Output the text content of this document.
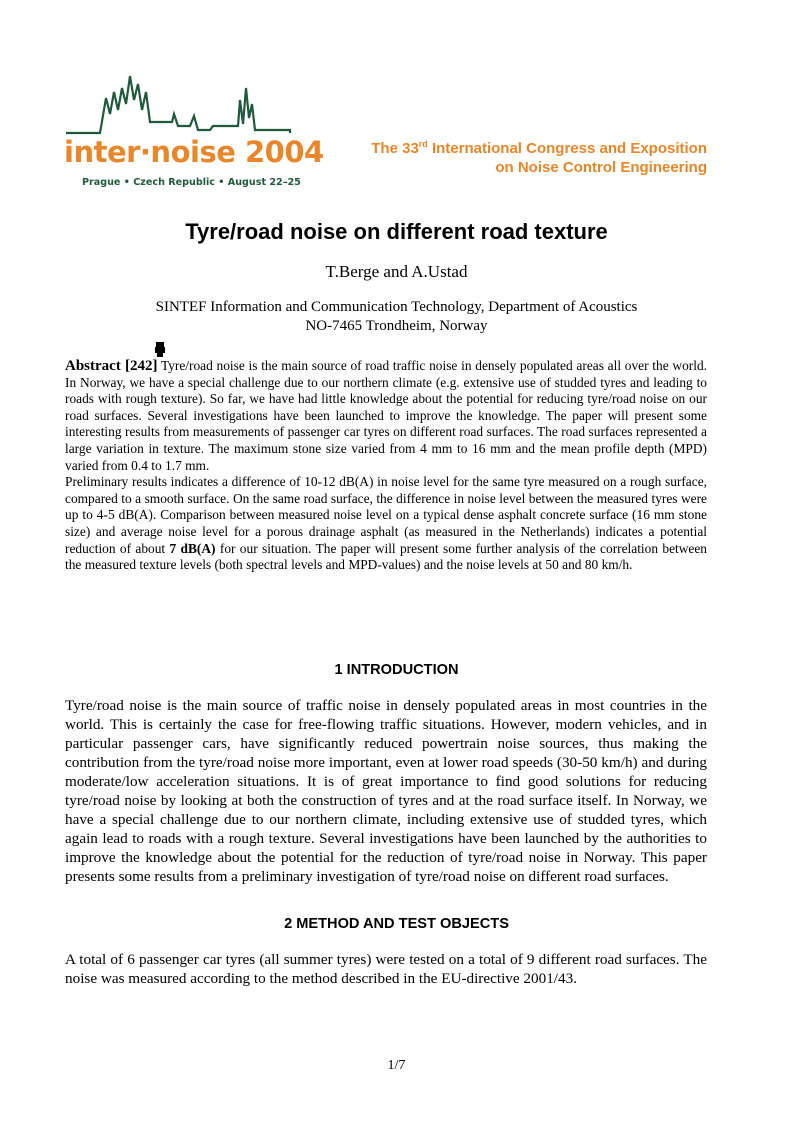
inter·noise 2004
Prague • Czech Republic • August 22–25
The 33rd International Congress and Exposition
on Noise Control Engineering
Tyre/road noise on different road texture

T.Berge and A.Ustad

SINTEF Information and Communication Technology, Department of Acoustics
NO-7465 Trondheim, Norway

Abstract [242] Tyre/road noise is the main source of road traffic noise in densely populated areas all over the world. In Norway, we have a special challenge due to our northern climate (e.g. extensive use of studded tyres and leading to roads with rough texture). So far, we have had little knowledge about the potential for reducing tyre/road noise on our road surfaces. Several investigations have been launched to improve the knowledge. The paper will present some interesting results from measurements of passenger car tyres on different road surfaces. The road surfaces represented a large variation in texture. The maximum stone size varied from 4 mm to 16 mm and the mean profile depth (MPD) varied from 0.4 to 1.7 mm.

Preliminary results indicates a difference of 10-12 dB(A) in noise level for the same tyre measured on a rough surface, compared to a smooth surface. On the same road surface, the difference in noise level between the measured tyres were up to 4-5 dB(A). Comparison between measured noise level on a typical dense asphalt concrete surface (16 mm stone size) and average noise level for a porous drainage asphalt (as measured in the Netherlands) indicates a potential reduction of about 7 dB(A) for our situation. The paper will present some further analysis of the correlation between the measured texture levels (both spectral levels and MPD-values) and the noise levels at 50 and 80 km/h.

1 INTRODUCTION

Tyre/road noise is the main source of traffic noise in densely populated areas in most countries in the world. This is certainly the case for free-flowing traffic situations. However, modern vehicles, and in particular passenger cars, have significantly reduced powertrain noise sources, thus making the contribution from the tyre/road noise more important, even at lower road speeds (30-50 km/h) and during moderate/low acceleration situations. It is of great importance to find good solutions for reducing tyre/road noise by looking at both the construction of tyres and at the road surface itself. In Norway, we have a special challenge due to our northern climate, including extensive use of studded tyres, which again lead to roads with a rough texture. Several investigations have been launched by the authorities to improve the knowledge about the potential for the reduction of tyre/road noise in Norway. This paper presents some results from a preliminary investigation of tyre/road noise on different road surfaces.

2 METHOD AND TEST OBJECTS

A total of 6 passenger car tyres (all summer tyres) were tested on a total of 9 different road surfaces. The noise was measured according to the method described in the EU-directive 2001/43.

1/7
